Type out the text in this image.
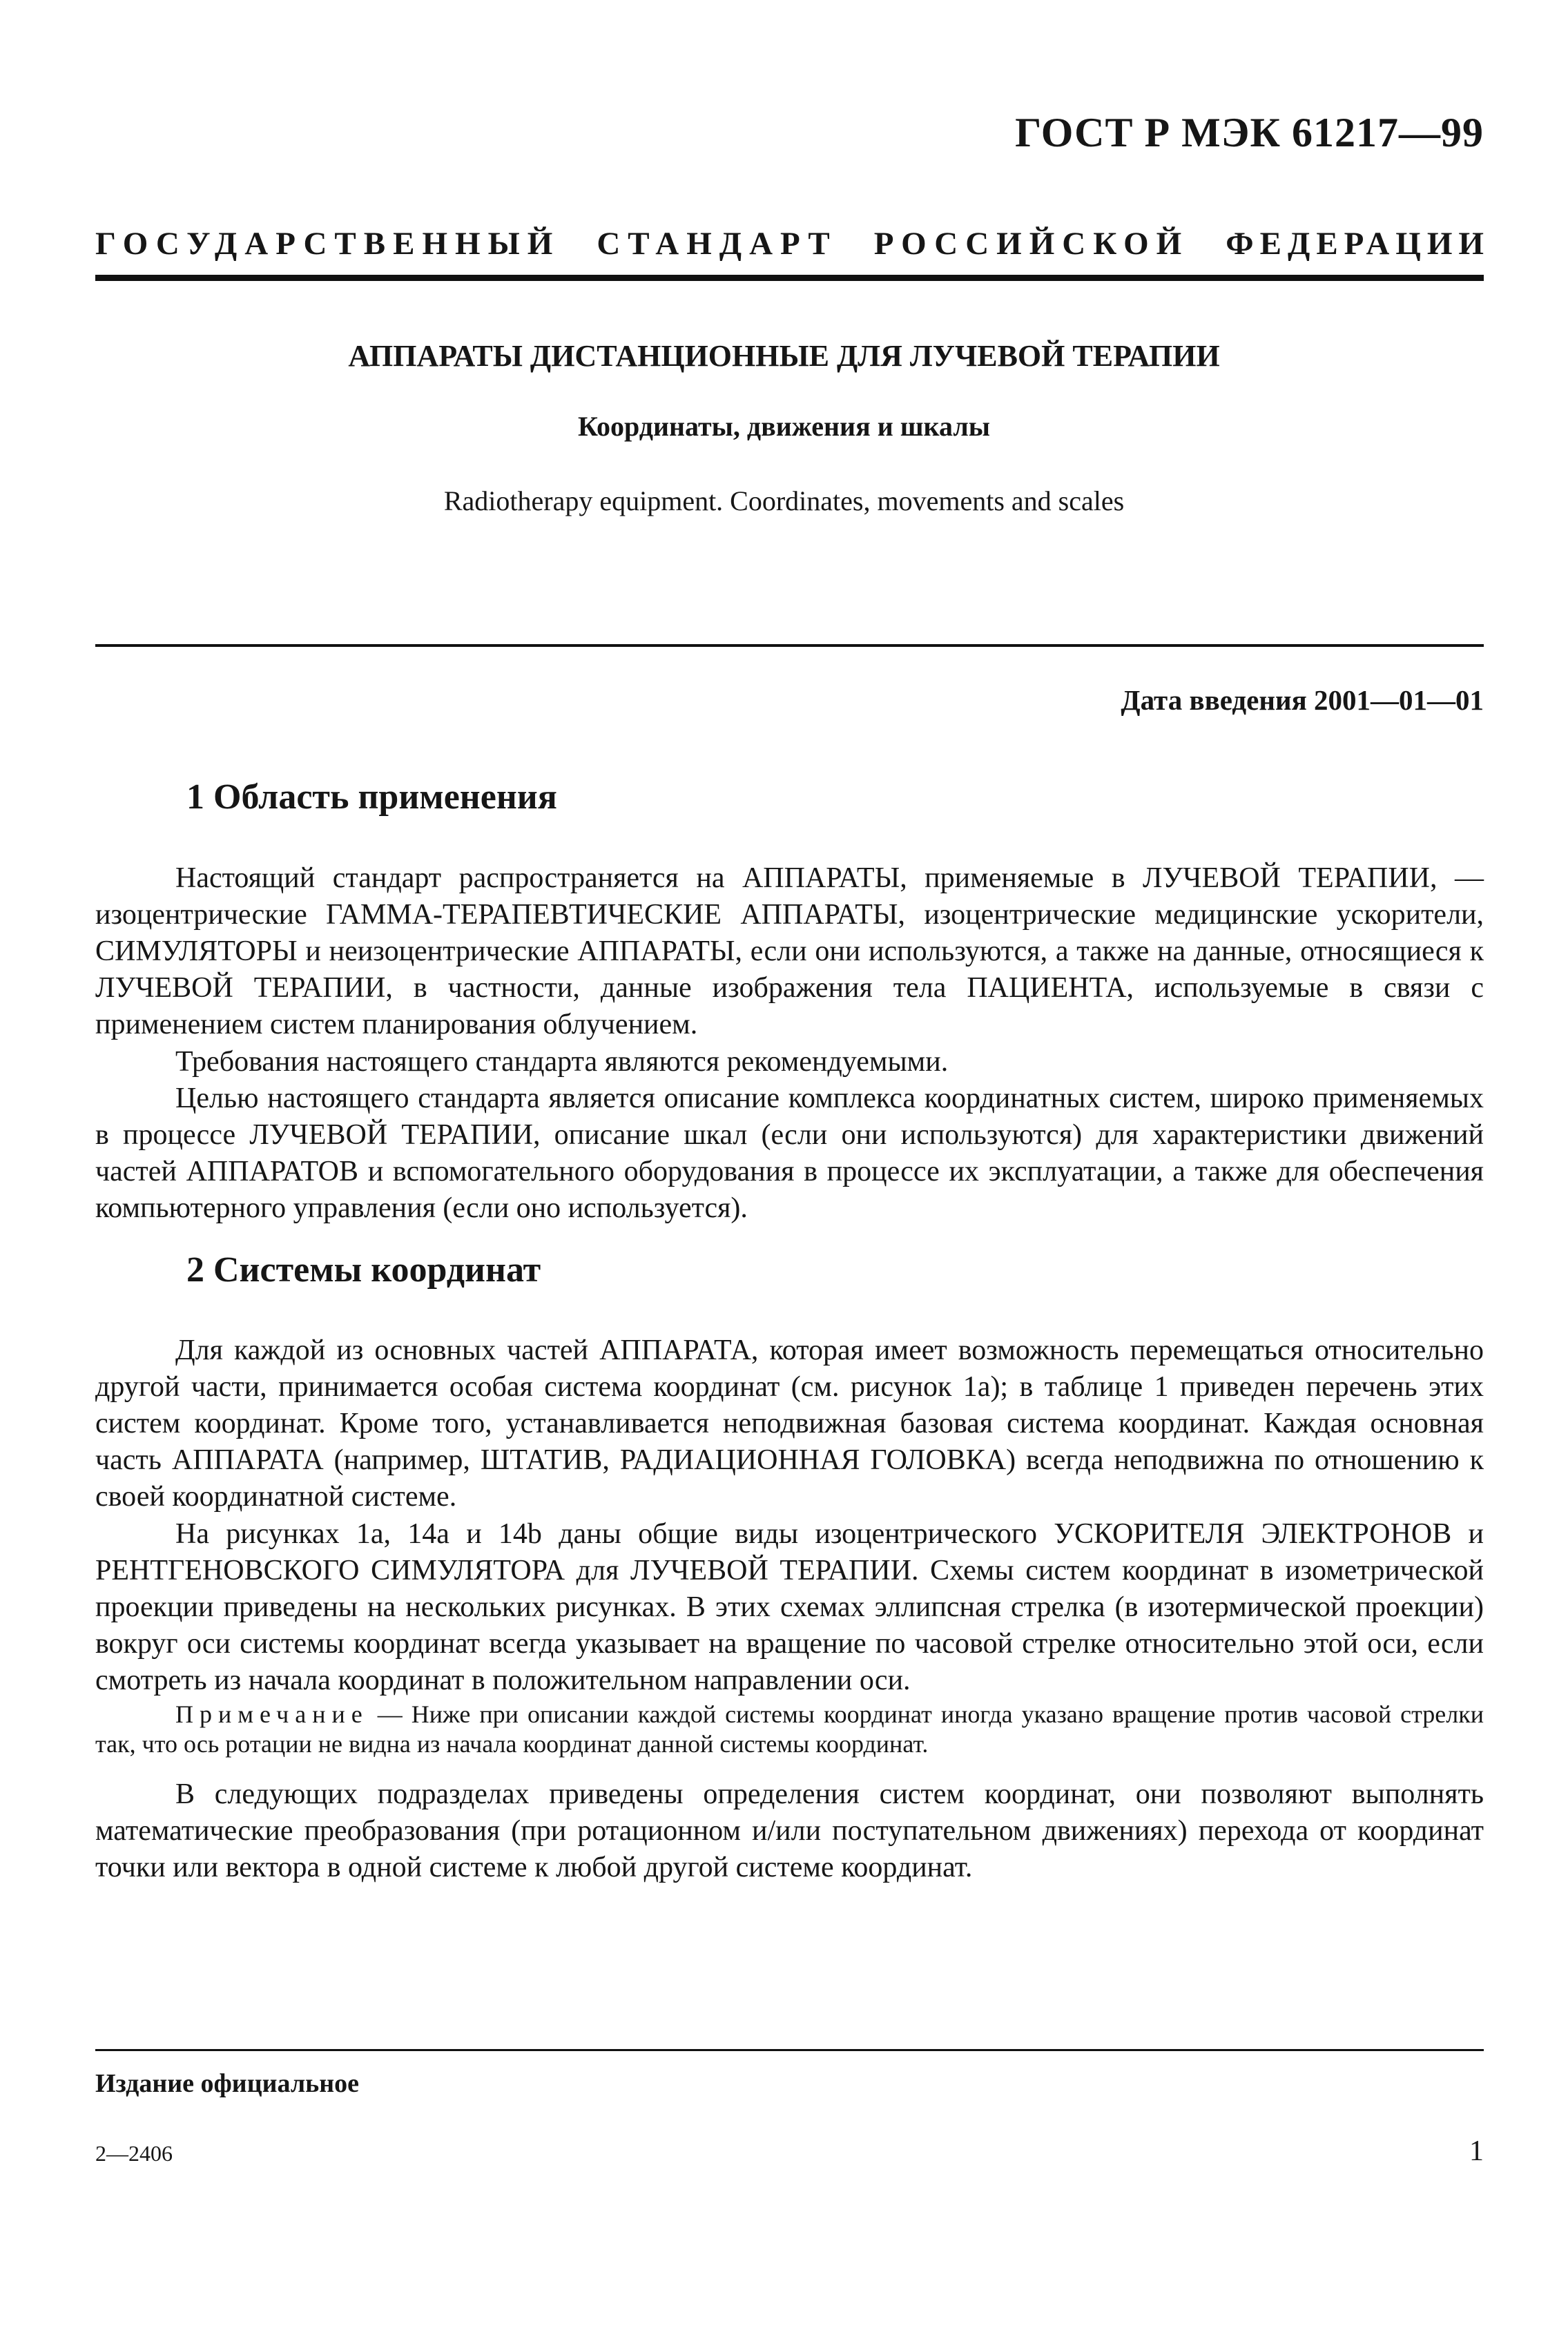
ГОСТ Р МЭК 61217—99
ГОСУДАРСТВЕННЫЙ СТАНДАРТ РОССИЙСКОЙ ФЕДЕРАЦИИ
АППАРАТЫ ДИСТАНЦИОННЫЕ ДЛЯ ЛУЧЕВОЙ ТЕРАПИИ
Координаты, движения и шкалы
Radiotherapy equipment. Coordinates, movements and scales
Дата введения 2001—01—01
1 Область применения

Настоящий стандарт распространяется на АППАРАТЫ, применяемые в ЛУЧЕВОЙ ТЕРАПИИ, — изоцентрические ГАММА-ТЕРАПЕВТИЧЕСКИЕ АППАРАТЫ, изоцентрические медицинские ускорители, СИМУЛЯТОРЫ и неизоцентрические АППАРАТЫ, если они используются, а также на данные, относящиеся к ЛУЧЕВОЙ ТЕРАПИИ, в частности, данные изображения тела ПАЦИЕНТА, используемые в связи с применением систем планирования облучением.

Требования настоящего стандарта являются рекомендуемыми.

Целью настоящего стандарта является описание комплекса координатных систем, широко применяемых в процессе ЛУЧЕВОЙ ТЕРАПИИ, описание шкал (если они используются) для характеристики движений частей АППАРАТОВ и вспомогательного оборудования в процессе их эксплуатации, а также для обеспечения компьютерного управления (если оно используется).

2 Системы координат

Для каждой из основных частей АППАРАТА, которая имеет возможность перемещаться относительно другой части, принимается особая система координат (см. рисунок 1a); в таблице 1 приведен перечень этих систем координат. Кроме того, устанавливается неподвижная базовая система координат. Каждая основная часть АППАРАТА (например, ШТАТИВ, РАДИАЦИОННАЯ ГОЛОВКА) всегда неподвижна по отношению к своей координатной системе.

На рисунках 1a, 14a и 14b даны общие виды изоцентрического УСКОРИТЕЛЯ ЭЛЕКТРОНОВ и РЕНТГЕНОВСКОГО СИМУЛЯТОРА для ЛУЧЕВОЙ ТЕРАПИИ. Схемы систем координат в изометрической проекции приведены на нескольких рисунках. В этих схемах эллипсная стрелка (в изотермической проекции) вокруг оси системы координат всегда указывает на вращение по часовой стрелке относительно этой оси, если смотреть из начала координат в положительном направлении оси.

Примечание — Ниже при описании каждой системы координат иногда указано вращение против часовой стрелки так, что ось ротации не видна из начала координат данной системы координат.

В следующих подразделах приведены определения систем координат, они позволяют выполнять математические преобразования (при ротационном и/или поступательном движениях) перехода от координат точки или вектора в одной системе к любой другой системе координат.

Издание официальное
2—2406	1
